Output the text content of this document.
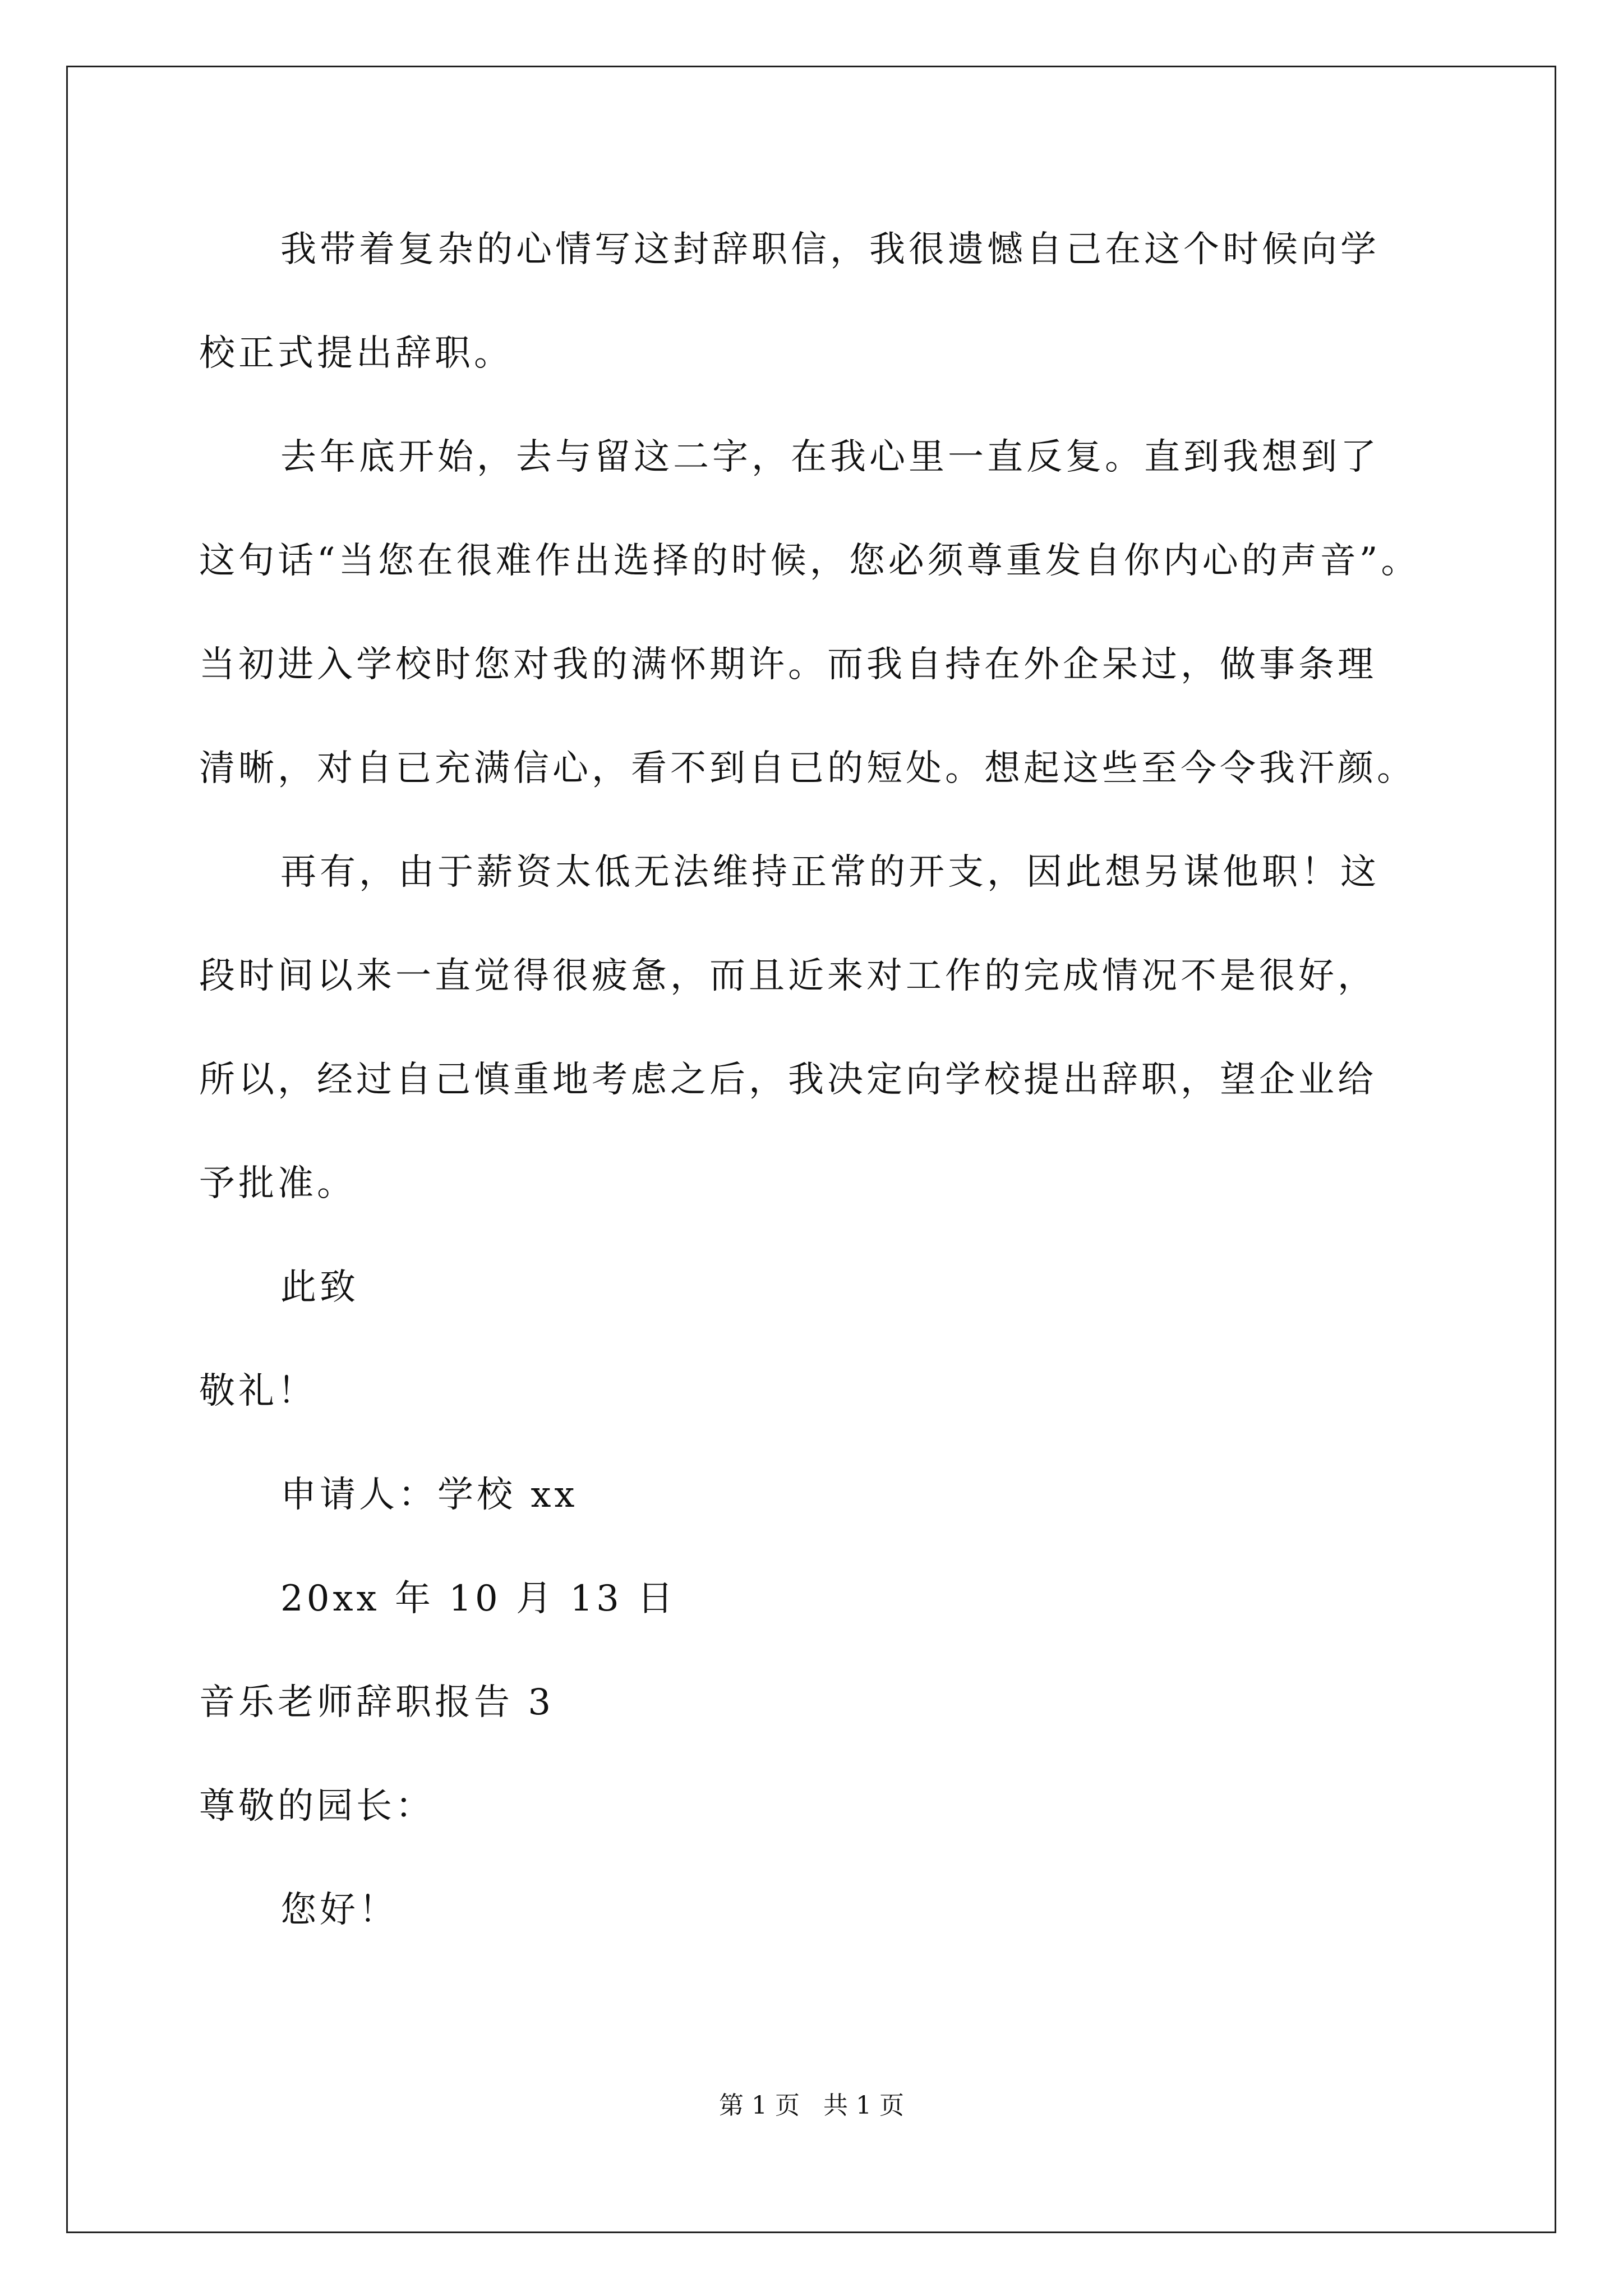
我带着复杂的心情写这封辞职信，我很遗憾自己在这个时候向学
校正式提出辞职。
去年底开始，去与留这二字，在我心里一直反复。直到我想到了
这句话“当您在很难作出选择的时候，您必须尊重发自你内心的声音”。
当初进入学校时您对我的满怀期许。而我自持在外企呆过，做事条理
清晰，对自已充满信心，看不到自已的短处。想起这些至今令我汗颜。
再有，由于薪资太低无法维持正常的开支，因此想另谋他职！这
段时间以来一直觉得很疲惫，而且近来对工作的完成情况不是很好，
所以，经过自己慎重地考虑之后，我决定向学校提出辞职，望企业给
予批准。
此致
敬礼！
申请人：学校 xx
20xx 年 10 月 13 日
音乐老师辞职报告 3
尊敬的园长：
您好！
第 1 页   共 1 页
